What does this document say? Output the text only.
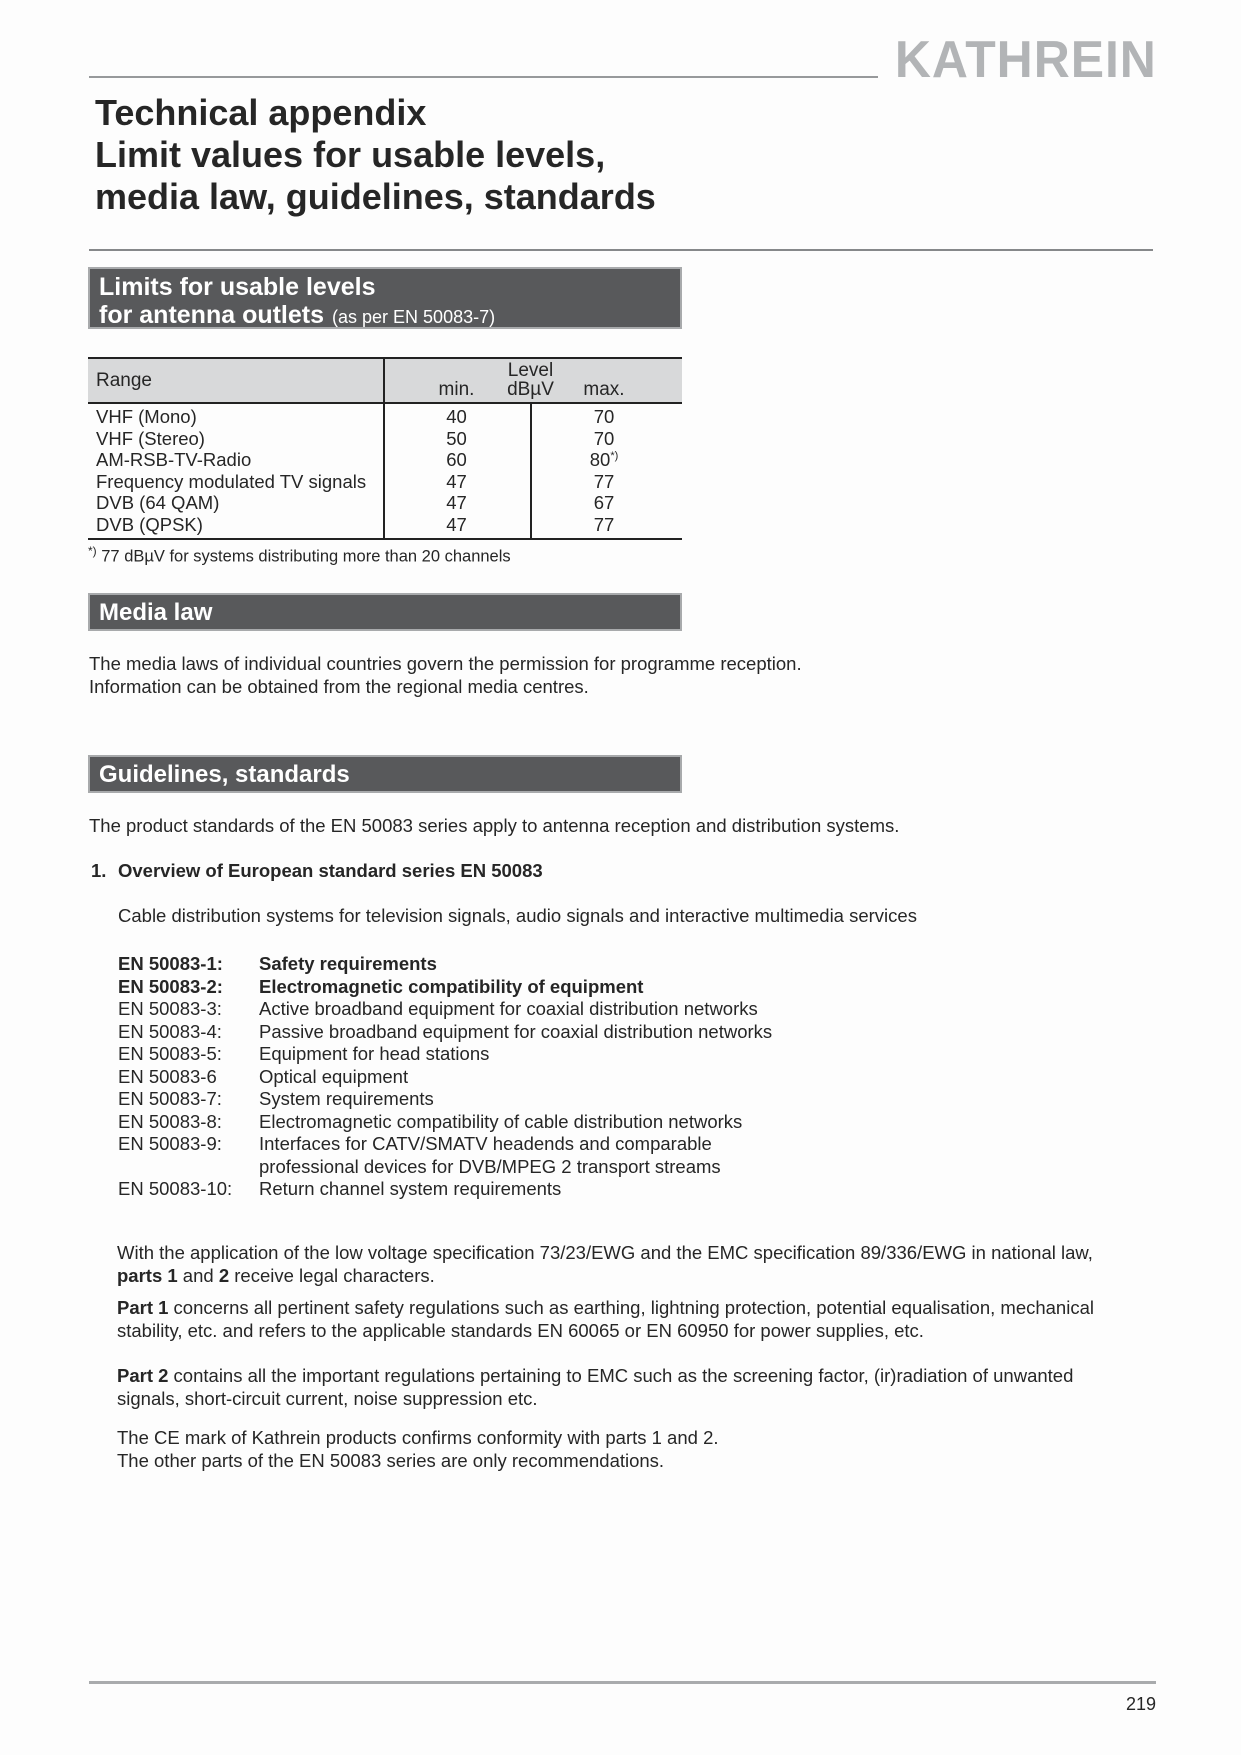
KATHREIN
Technical appendix
Limit values for usable levels,
media law, guidelines, standards
Limits for usable levels
for antenna outlets (as per EN 50083-7)
Range	Level
min.	dBµV	max.
VHF (Mono)	40	70
VHF (Stereo)	50	70
AM-RSB-TV-Radio	60	80*)
Frequency modulated TV signals	47	77
DVB (64 QAM)	47	67
DVB (QPSK)	47	77
*) 77 dBµV for systems distributing more than 20 channels
Media law
The media laws of individual countries govern the permission for programme reception.
Information can be obtained from the regional media centres.
Guidelines, standards
The product standards of the EN 50083 series apply to antenna reception and distribution systems.
1. Overview of European standard series EN 50083
Cable distribution systems for television signals, audio signals and interactive multimedia services
EN 50083-1:	Safety requirements
EN 50083-2:	Electromagnetic compatibility of equipment
EN 50083-3:	Active broadband equipment for coaxial distribution networks
EN 50083-4:	Passive broadband equipment for coaxial distribution networks
EN 50083-5:	Equipment for head stations
EN 50083-6	Optical equipment
EN 50083-7:	System requirements
EN 50083-8:	Electromagnetic compatibility of cable distribution networks
EN 50083-9:	Interfaces for CATV/SMATV headends and comparable
professional devices for DVB/MPEG 2 transport streams
EN 50083-10:	Return channel system requirements
With the application of the low voltage specification 73/23/EWG and the EMC specification 89/336/EWG in national law,
parts 1 and 2 receive legal characters.
Part 1 concerns all pertinent safety regulations such as earthing, lightning protection, potential equalisation, mechanical
stability, etc. and refers to the applicable standards EN 60065 or EN 60950 for power supplies, etc.
Part 2 contains all the important regulations pertaining to EMC such as the screening factor, (ir)radiation of unwanted
signals, short-circuit current, noise suppression etc.
The CE mark of Kathrein products confirms conformity with parts 1 and 2.
The other parts of the EN 50083 series are only recommendations.
219
